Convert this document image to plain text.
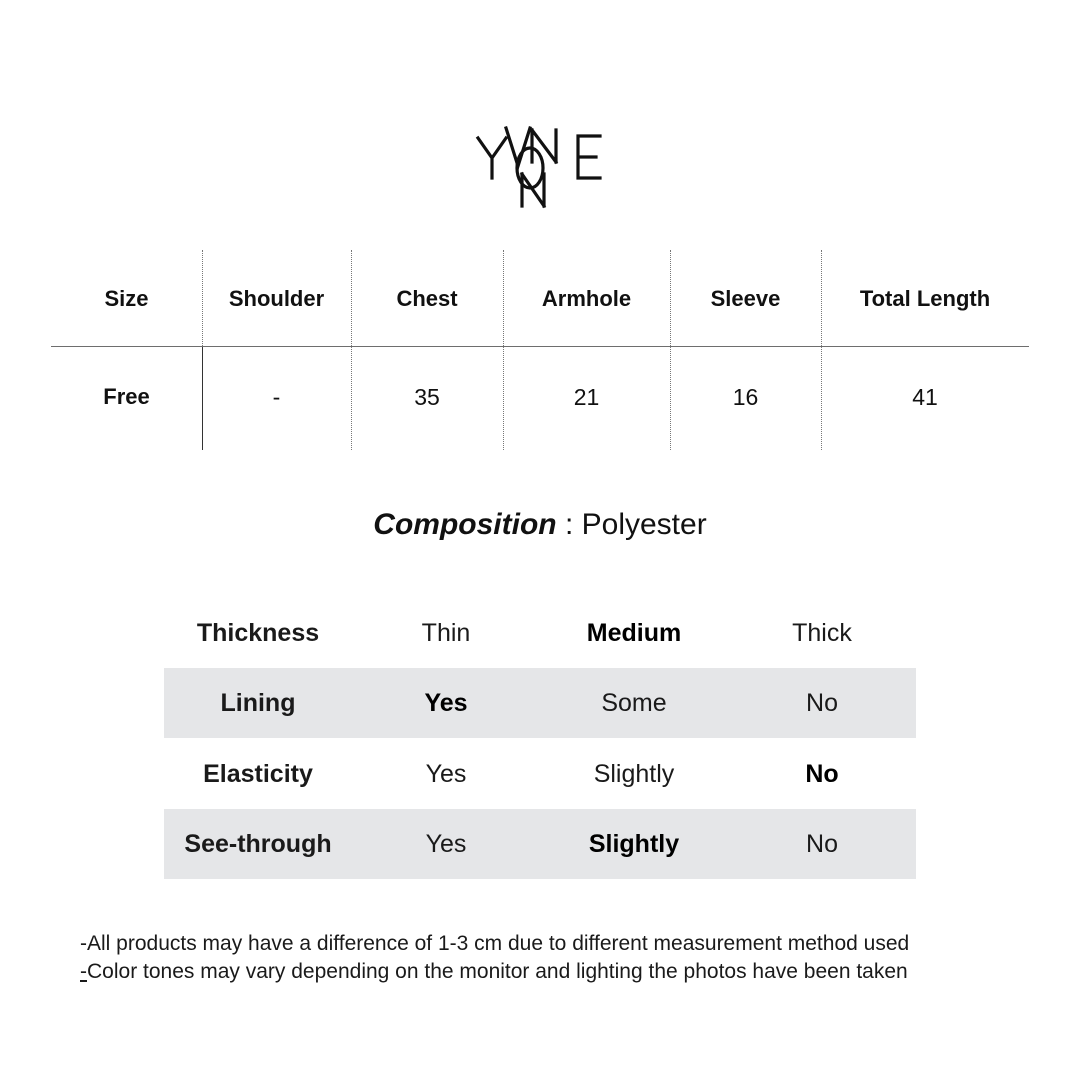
Size	Shoulder	Chest	Armhole	Sleeve	Total Length
Free	-	35	21	16	41
Composition : Polyester
Thickness	Thin	Medium	Thick
Lining	Yes	Some	No
Elasticity	Yes	Slightly	No
See-through	Yes	Slightly	No
-All products may have a difference of 1-3 cm due to different measurement method used
-Color tones may vary depending on the monitor and lighting the photos have been taken
